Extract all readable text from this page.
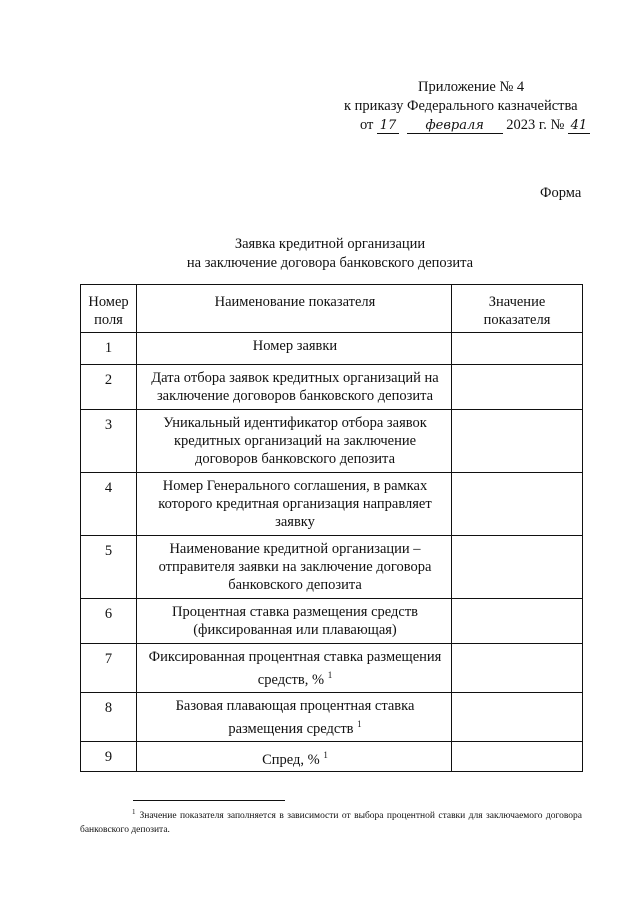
Приложение № 4
к приказу Федерального казначейства
от 17 февраля 2023 г. № 41
Форма
Заявка кредитной организации
на заключение договора банковского депозита
Номер поля	Наименование показателя	Значение показателя
1	Номер заявки	
2	Дата отбора заявок кредитных организаций на заключение договоров банковского депозита	
3	Уникальный идентификатор отбора заявок кредитных организаций на заключение договоров банковского депозита	
4	Номер Генерального соглашения, в рамках которого кредитная организация направляет заявку	
5	Наименование кредитной организации – отправителя заявки на заключение договора банковского депозита	
6	Процентная ставка размещения средств (фиксированная или плавающая)	
7	Фиксированная процентная ставка размещения средств, % $^1$	
8	Базовая плавающая процентная ставка размещения средств $^1$	
9	Спред, % $^1$	
$^1$ Значение показателя заполняется в зависимости от выбора процентной ставки для заключаемого договора банковского депозита.
